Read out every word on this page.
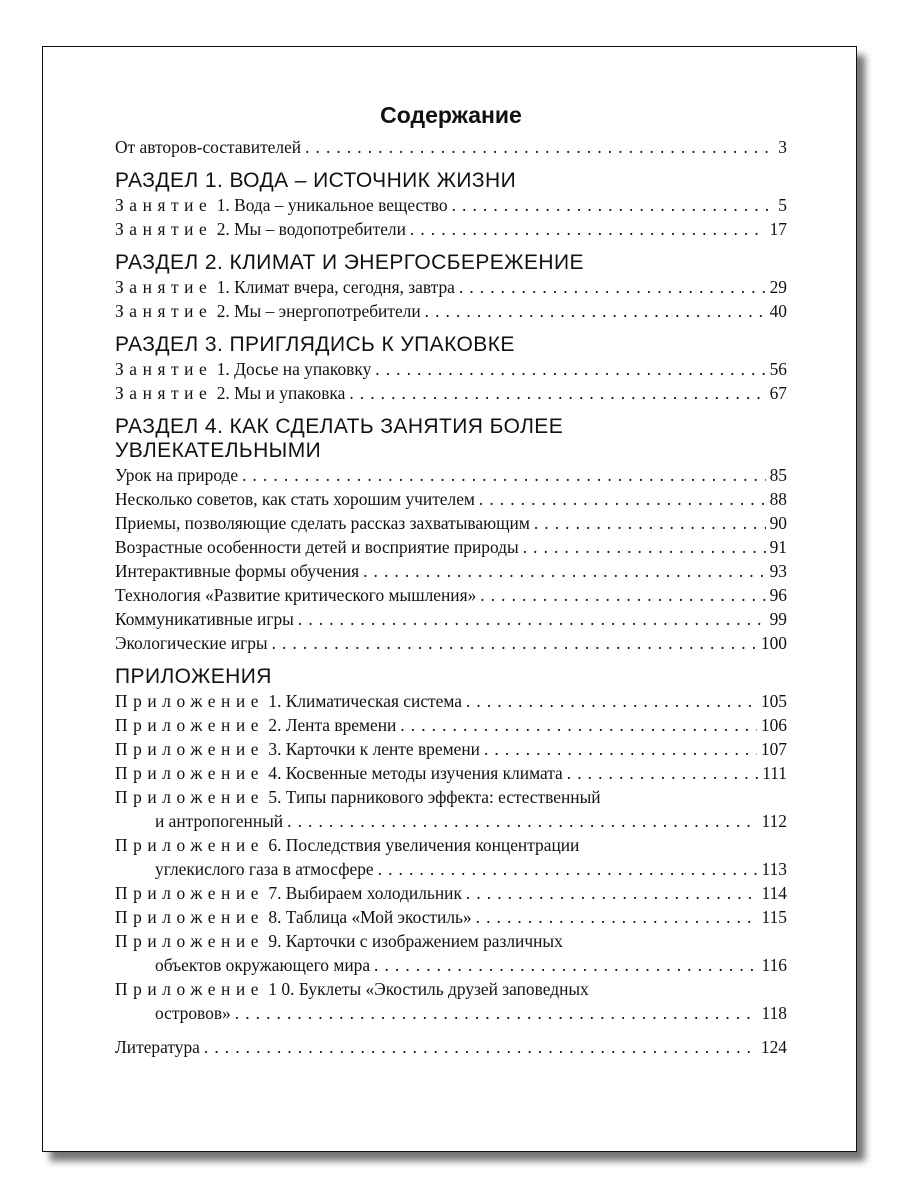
Содержание
От авторов-составителей .....	3
РАЗДЕЛ 1. ВОДА – ИСТОЧНИК ЖИЗНИ
Занятие 1. Вода – уникальное вещество .....	5
Занятие 2. Мы – водопотребители .....	17
РАЗДЕЛ 2. КЛИМАТ И ЭНЕРГОСБЕРЕЖЕНИЕ
Занятие 1. Климат вчера, сегодня, завтра .....	29
Занятие 2. Мы – энергопотребители .....	40
РАЗДЕЛ 3. ПРИГЛЯДИСЬ К УПАКОВКЕ
Занятие 1. Досье на упаковку .....	56
Занятие 2. Мы и упаковка .....	67
РАЗДЕЛ 4. КАК СДЕЛАТЬ ЗАНЯТИЯ БОЛЕЕ
УВЛЕКАТЕЛЬНЫМИ
Урок на природе .....	85
Несколько советов, как стать хорошим учителем .....	88
Приемы, позволяющие сделать рассказ захватывающим .....	90
Возрастные особенности детей и восприятие природы .....	91
Интерактивные формы обучения .....	93
Технология «Развитие критического мышления» .....	96
Коммуникативные игры .....	99
Экологические игры .....	100
ПРИЛОЖЕНИЯ
Приложение 1. Климатическая система .....	105
Приложение 2. Лента времени .....	106
Приложение 3. Карточки к ленте времени .....	107
Приложение 4. Косвенные методы изучения климата .....	111
Приложение 5. Типы парникового эффекта: естественный
и антропогенный .....	112
Приложение 6. Последствия увеличения концентрации
углекислого газа в атмосфере .....	113
Приложение 7. Выбираем холодильник .....	114
Приложение 8. Таблица «Мой экостиль» .....	115
Приложение 9. Карточки с изображением различных
объектов окружающего мира .....	116
Приложение 1 0. Буклеты «Экостиль друзей заповедных
островов» .....	118
Литература .....	124
